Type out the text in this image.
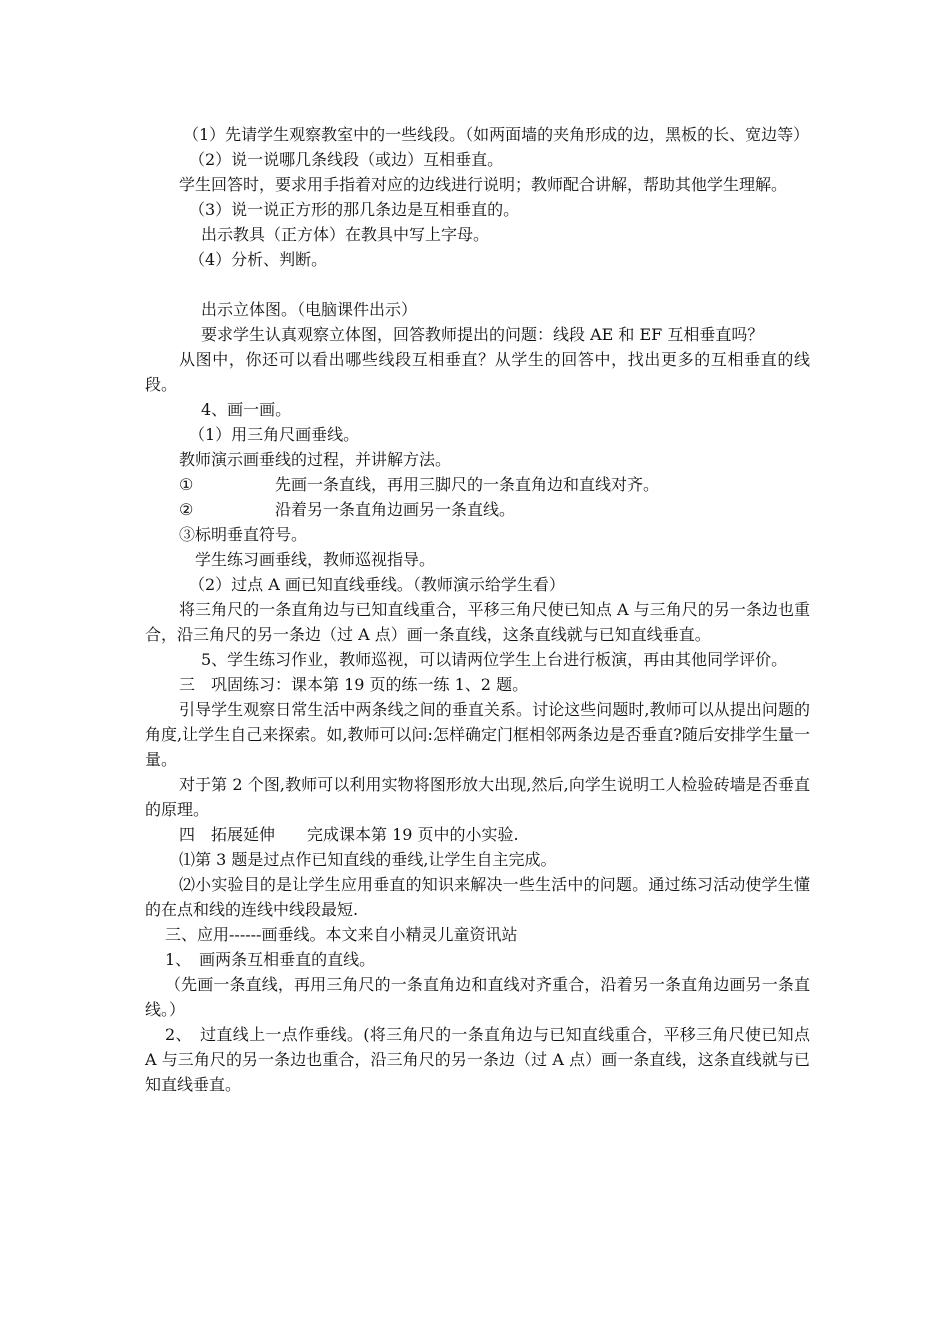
（1）先请学生观察教室中的一些线段。（如两面墙的夹角形成的边，黑板的长、宽边等）

（2）说一说哪几条线段（或边）互相垂直。

学生回答时，要求用手指着对应的边线进行说明；教师配合讲解，帮助其他学生理解。

（3）说一说正方形的那几条边是互相垂直的。

出示教具（正方体）在教具中写上字母。

（4）分析、判断。

出示立体图。（电脑课件出示）

要求学生认真观察立体图，回答教师提出的问题：线段 AE 和 EF 互相垂直吗？

从图中，你还可以看出哪些线段互相垂直？从学生的回答中，找出更多的互相垂直的线段。

4、画一画。

（1）用三角尺画垂线。

教师演示画垂线的过程，并讲解方法。

①	先画一条直线，再用三脚尺的一条直角边和直线对齐。
②	沿着另一条直角边画另一条直线。

③标明垂直符号。

学生练习画垂线，教师巡视指导。

（2）过点 A 画已知直线垂线。（教师演示给学生看）

将三角尺的一条直角边与已知直线重合，平移三角尺使已知点 A 与三角尺的另一条边也重合，沿三角尺的另一条边（过 A 点）画一条直线，这条直线就与已知直线垂直。

5、学生练习作业，教师巡视，可以请两位学生上台进行板演，再由其他同学评价。

三　巩固练习：课本第 19 页的练一练 1、2 题。

引导学生观察日常生活中两条线之间的垂直关系。讨论这些问题时,教师可以从提出问题的角度,让学生自己来探索。如,教师可以问:怎样确定门框相邻两条边是否垂直?随后安排学生量一量。

对于第 2 个图,教师可以利用实物将图形放大出现,然后,向学生说明工人检验砖墙是否垂直的原理。

四　拓展延伸　　完成课本第 19 页中的小实验.

⑴第 3 题是过点作已知直线的垂线,让学生自主完成。

⑵小实验目的是让学生应用垂直的知识来解决一些生活中的问题。通过练习活动使学生懂的在点和线的连线中线段最短.

三、应用------画垂线。本文来自小精灵儿童资讯站

1、　画两条互相垂直的直线。

（先画一条直线，再用三角尺的一条直角边和直线对齐重合，沿着另一条直角边画另一条直线。）

2、　过直线上一点作垂线。(将三角尺的一条直角边与已知直线重合，平移三角尺使已知点 A 与三角尺的另一条边也重合，沿三角尺的另一条边（过 A 点）画一条直线，这条直线就与已知直线垂直。
